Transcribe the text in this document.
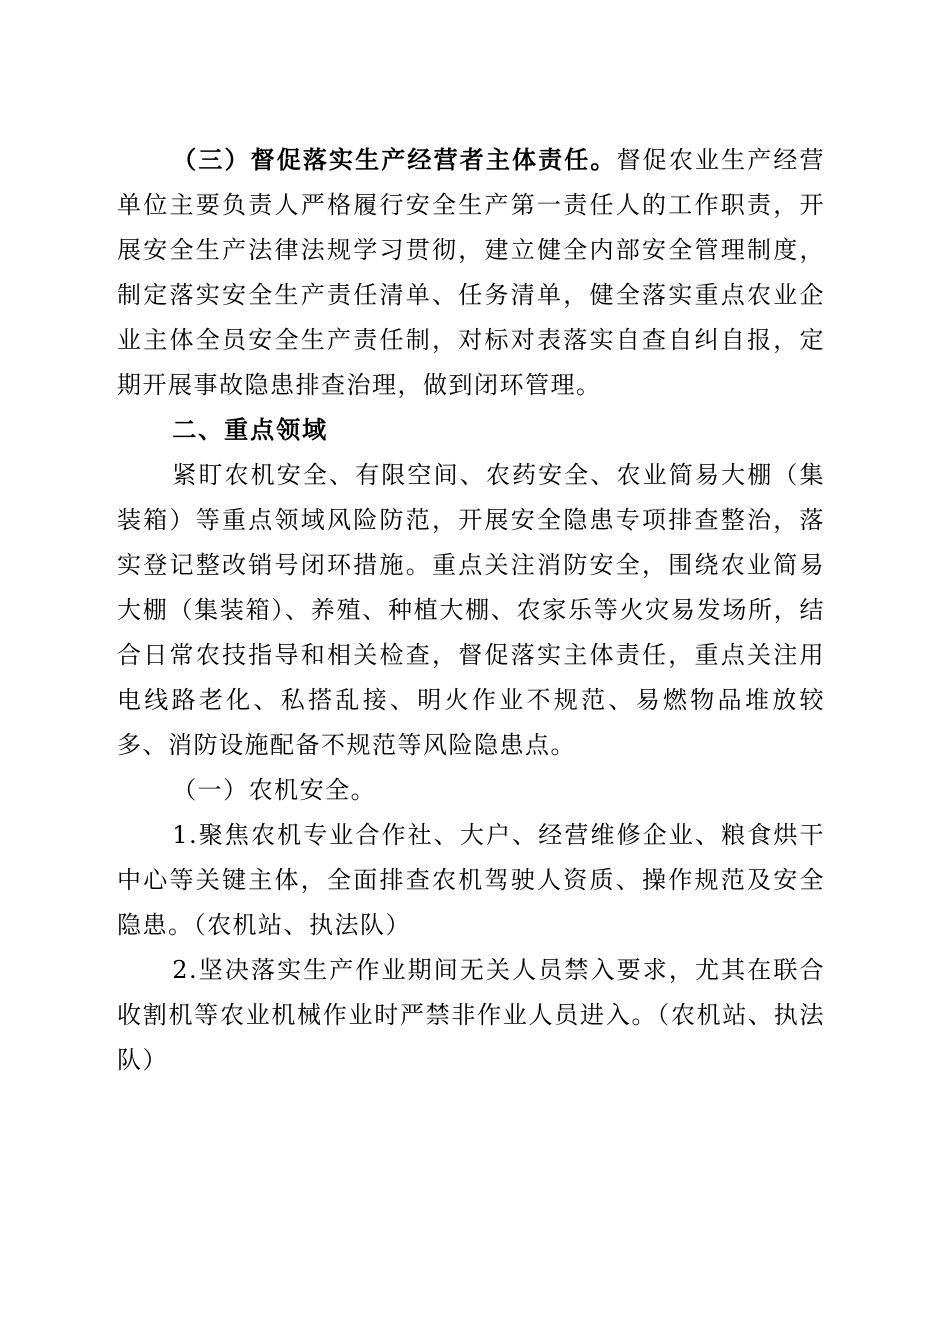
（三）督促落实生产经营者主体责任。督促农业生产经营单位主要负责人严格履行安全生产第一责任人的工作职责，开展安全生产法律法规学习贯彻，建立健全内部安全管理制度，制定落实安全生产责任清单、任务清单，健全落实重点农业企业主体全员安全生产责任制，对标对表落实自查自纠自报，定期开展事故隐患排查治理，做到闭环管理。

二、重点领域

紧盯农机安全、有限空间、农药安全、农业简易大棚（集装箱）等重点领域风险防范，开展安全隐患专项排查整治，落实登记整改销号闭环措施。重点关注消防安全，围绕农业简易大棚（集装箱）、养殖、种植大棚、农家乐等火灾易发场所，结合日常农技指导和相关检查，督促落实主体责任，重点关注用电线路老化、私搭乱接、明火作业不规范、易燃物品堆放较多、消防设施配备不规范等风险隐患点。

（一）农机安全。

1.聚焦农机专业合作社、大户、经营维修企业、粮食烘干中心等关键主体，全面排查农机驾驶人资质、操作规范及安全隐患。（农机站、执法队）

2.坚决落实生产作业期间无关人员禁入要求，尤其在联合收割机等农业机械作业时严禁非作业人员进入。（农机站、执法队）
